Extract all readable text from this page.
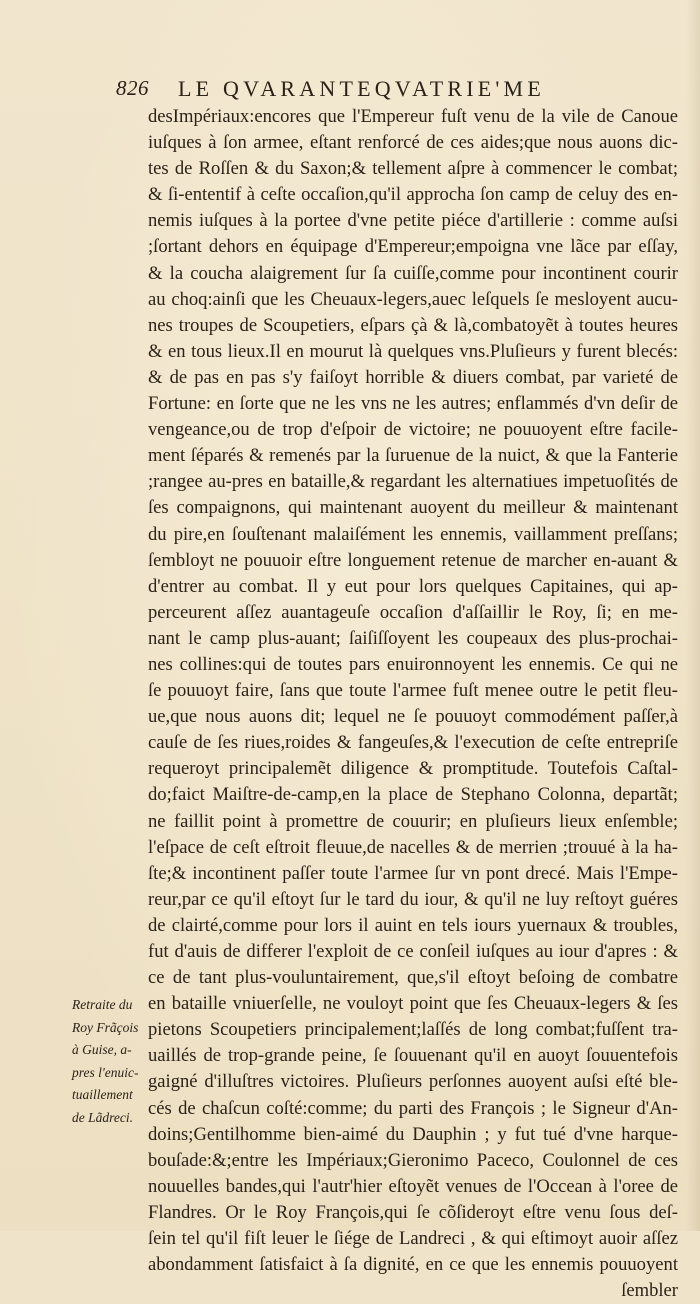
826 LE QVARANTEQVATRIE'ME
Retraite du
Roy Frãçois
à Guise, a-
pres l'enuic-
tuaillement
de Lãdreci.
desImpériaux:encores que l'Empereur fuſt venu de la vile de Canoue
iuſques à ſon armee, eſtant renforcé de ces aides;que nous auons dic-
tes de Roſſen & du Saxon;& tellement aſpre à commencer le combat;
& ſi-ententif à ceſte occaſion,qu'il approcha ſon camp de celuy des en-
nemis iuſques à la portee d'vne petite piéce d'artillerie : comme auſsi
;ſortant dehors en équipage d'Empereur;empoigna vne lãce par eſſay,
& la coucha alaigrement ſur ſa cuiſſe,comme pour incontinent courir
au choq:ainſi que les Cheuaux-legers,auec leſquels ſe mesloyent aucu-
nes troupes de Scoupetiers, eſpars çà & là,combatoyẽt à toutes heures
& en tous lieux.Il en mourut là quelques vns.Pluſieurs y furent blecés:
& de pas en pas s'y faiſoyt horrible & diuers combat, par varieté de
Fortune: en ſorte que ne les vns ne les autres; enflammés d'vn deſir de
vengeance,ou de trop d'eſpoir de victoire; ne pouuoyent eſtre facile-
ment ſéparés & remenés par la ſuruenue de la nuict, & que la Fanterie
;rangee au-pres en bataille,& regardant les alternatiues impetuoſités de
ſes compaignons, qui maintenant auoyent du meilleur & maintenant
du pire,en ſouſtenant malaiſément les ennemis, vaillamment preſſans;
ſembloyt ne pouuoir eſtre longuement retenue de marcher en-auant &
d'entrer au combat. Il y eut pour lors quelques Capitaines, qui ap-
perceurent aſſez auantageuſe occaſion d'aſſaillir le Roy, ſi; en me-
nant le camp plus-auant; ſaiſiſſoyent les coupeaux des plus-prochai-
nes collines:qui de toutes pars enuironnoyent les ennemis. Ce qui ne
ſe pouuoyt faire, ſans que toute l'armee fuſt menee outre le petit fleu-
ue,que nous auons dit; lequel ne ſe pouuoyt commodément paſſer,à
cauſe de ſes riues,roides & fangeuſes,& l'execution de ceſte entrepriſe
requeroyt principalemẽt diligence & promptitude. Toutefois Caſtal-
do;faict Maiſtre-de-camp,en la place de Stephano Colonna, departãt;
ne faillit point à promettre de couurir; en pluſieurs lieux enſemble;
l'eſpace de ceſt eſtroit fleuue,de nacelles & de merrien ;trouué à la ha-
ſte;& incontinent paſſer toute l'armee ſur vn pont drecé. Mais l'Empe-
reur,par ce qu'il eſtoyt ſur le tard du iour, & qu'il ne luy reſtoyt guéres
de clairté,comme pour lors il auint en tels iours yuernaux & troubles,
fut d'auis de differer l'exploit de ce conſeil iuſques au iour d'apres : &
ce de tant plus-vouluntairement, que,s'il eſtoyt beſoing de combatre
en bataille vniuerſelle, ne vouloyt point que ſes Cheuaux-legers & ſes
pietons Scoupetiers principalement;laſſés de long combat;fuſſent tra-
uaillés de trop-grande peine, ſe ſouuenant qu'il en auoyt ſouuentefois
gaigné d'illuſtres victoires. Pluſieurs perſonnes auoyent auſsi eſté ble-
cés de chaſcun coſté:comme; du parti des François ; le Signeur d'An-
doins;Gentilhomme bien-aimé du Dauphin ; y fut tué d'vne harque-
bouſade:&;entre les Impériaux;Gieronimo Paceco, Coulonnel de ces
nouuelles bandes,qui l'autr'hier eſtoyẽt venues de l'Occean à l'oree de
Flandres. Or le Roy François,qui ſe cõſideroyt eſtre venu ſous deſ-
ſein tel qu'il fiſt leuer le ſiége de Landreci , & qui eſtimoyt auoir aſſez
abondamment ſatisfaict à ſa dignité, en ce que les ennemis pouuoyent
ſembler
